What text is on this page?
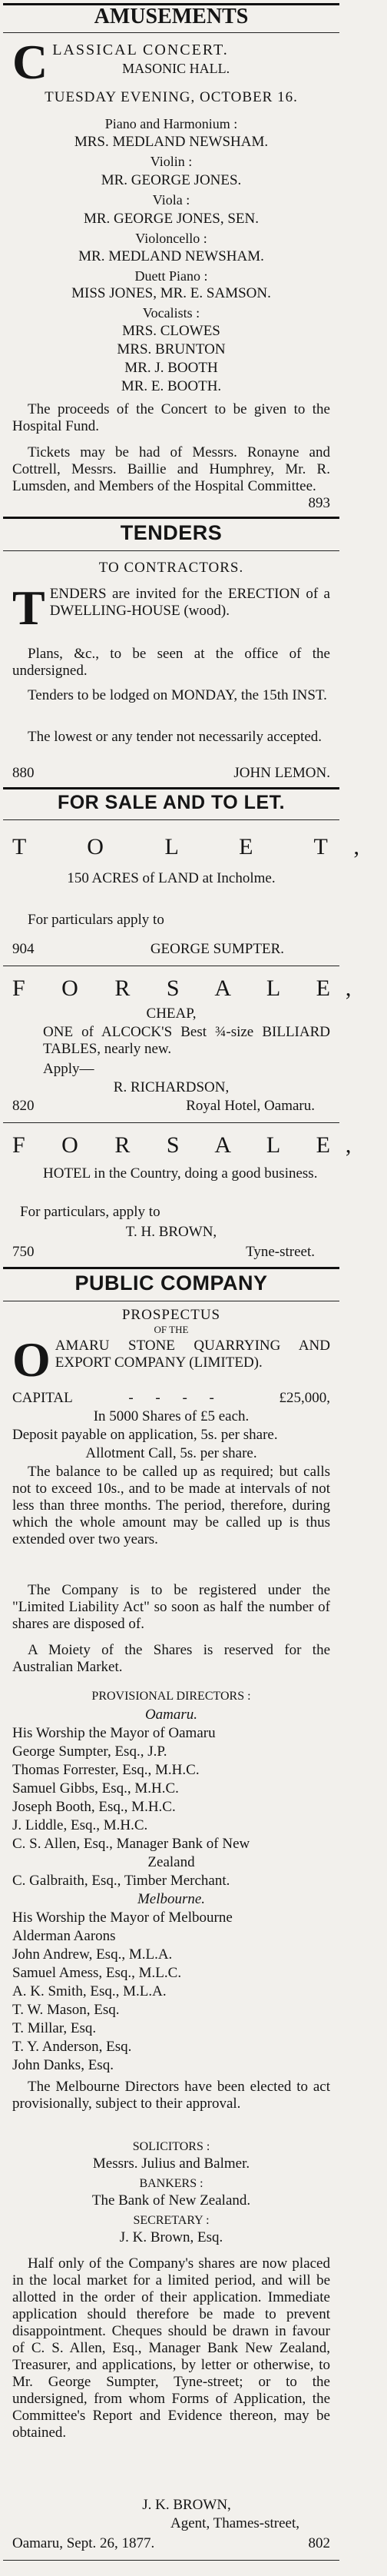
AMUSEMENTS
C LASSICAL CONCERT.

MASONIC HALL.
TUESDAY EVENING, OCTOBER 16.
Piano and Harmonium :
MRS. MEDLAND NEWSHAM.
Violin :
MR. GEORGE JONES.
Viola :
MR. GEORGE JONES, SEN.
Violoncello :
MR. MEDLAND NEWSHAM.
Duett Piano :
MISS JONES, MR. E. SAMSON.
Vocalists :
MRS. CLOWES
MRS. BRUNTON
MR. J. BOOTH
MR. E. BOOTH.
The proceeds of the Concert to be given to the Hospital Fund.
Tickets may be had of Messrs. Ronayne and Cottrell, Messrs. Baillie and Humphrey, Mr. R. Lumsden, and Members of the Hospital Committee.
893
TENDERS
TO CONTRACTORS.
TENDERS are invited for the ERECTION of a DWELLING-HOUSE (wood).
Plans, &c., to be seen at the office of the undersigned.
Tenders to be lodged on MONDAY, the 15th INST.
The lowest or any tender not necessarily accepted.
880	JOHN LEMON.
FOR SALE AND TO LET.
T O L E T,
150 ACRES of LAND at Incholme.
For particulars apply to
904	GEORGE SUMPTER.
F O R S A L E,
CHEAP,
ONE of ALCOCK'S Best ¾-size BILLIARD TABLES, nearly new.
Apply—
R. RICHARDSON,
820	Royal Hotel, Oamaru.
F O R S A L E,
HOTEL in the Country, doing a good business.
For particulars, apply to
T. H. BROWN,
750	Tyne-street.
PUBLIC COMPANY
PROSPECTUS
OF THE
OAMARU STONE QUARRYING AND EXPORT COMPANY (LIMITED).
CAPITAL	- - - -	£25,000,
In 5000 Shares of £5 each.
Deposit payable on application, 5s. per share.
Allotment Call, 5s. per share.
The balance to be called up as required; but calls not to exceed 10s., and to be made at intervals of not less than three months. The period, therefore, during which the whole amount may be called up is thus extended over two years.
The Company is to be registered under the "Limited Liability Act" so soon as half the number of shares are disposed of.
A Moiety of the Shares is reserved for the Australian Market.
PROVISIONAL DIRECTORS :
Oamaru.
His Worship the Mayor of Oamaru
George Sumpter, Esq., J.P.
Thomas Forrester, Esq., M.H.C.
Samuel Gibbs, Esq., M.H.C.
Joseph Booth, Esq., M.H.C.
J. Liddle, Esq., M.H.C.
C. S. Allen, Esq., Manager Bank of New
Zealand
C. Galbraith, Esq., Timber Merchant.
Melbourne.
His Worship the Mayor of Melbourne
Alderman Aarons
John Andrew, Esq., M.L.A.
Samuel Amess, Esq., M.L.C.
A. K. Smith, Esq., M.L.A.
T. W. Mason, Esq.
T. Millar, Esq.
T. Y. Anderson, Esq.
John Danks, Esq.
The Melbourne Directors have been elected to act provisionally, subject to their approval.
SOLICITORS :
Messrs. Julius and Balmer.
BANKERS :
The Bank of New Zealand.
SECRETARY :
J. K. Brown, Esq.
Half only of the Company's shares are now placed in the local market for a limited period, and will be allotted in the order of their application. Immediate application should therefore be made to prevent disappointment. Cheques should be drawn in favour of C. S. Allen, Esq., Manager Bank New Zealand, Treasurer, and applications, by letter or otherwise, to Mr. George Sumpter, Tyne-street; or to the undersigned, from whom Forms of Application, the Committee's Report and Evidence thereon, may be obtained.
J. K. BROWN,
Agent, Thames-street,
Oamaru, Sept. 26, 1877.	802
